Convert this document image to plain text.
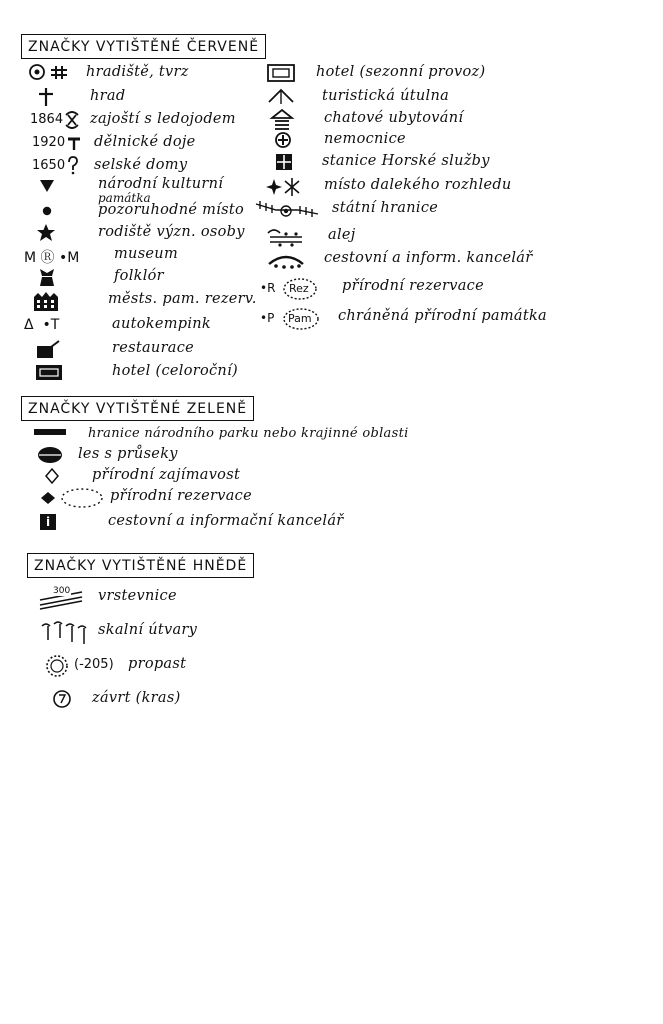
ZNAČKY VYTIŠTĚNÉ ČERVENĚ
hradiště, tvrz
hrad
1864 zajoští s ledojodem
1920 dělnické doje
1650 selské domy
národní kulturní
památka
pozoruhodné místo
rodiště význ. osoby
M Ⓡ •M museum
folklór
městs. pam. rezerv.
Δ  •T	autokempink
restaurace
hotel (celoroční)
hotel (sezonní provoz)
turistická útulna
chatové ubytování
nemocnice
stanice Horské služby
místo dalekého rozhledu
státní hranice
alej
cestovní a inform. kancelář
•R Rez přírodní rezervace
•P Pam chráněná přírodní památka
ZNAČKY VYTIŠTĚNÉ ZELENĚ
hranice národního parku nebo krajinné oblasti
les s průseky
přírodní zajímavost
přírodní rezervace
i	cestovní a informační kancelář
ZNAČKY VYTIŠTĚNÉ HNĚDĚ
300 vrstevnice
skalní útvary
(-205) propast
závrt (kras)
